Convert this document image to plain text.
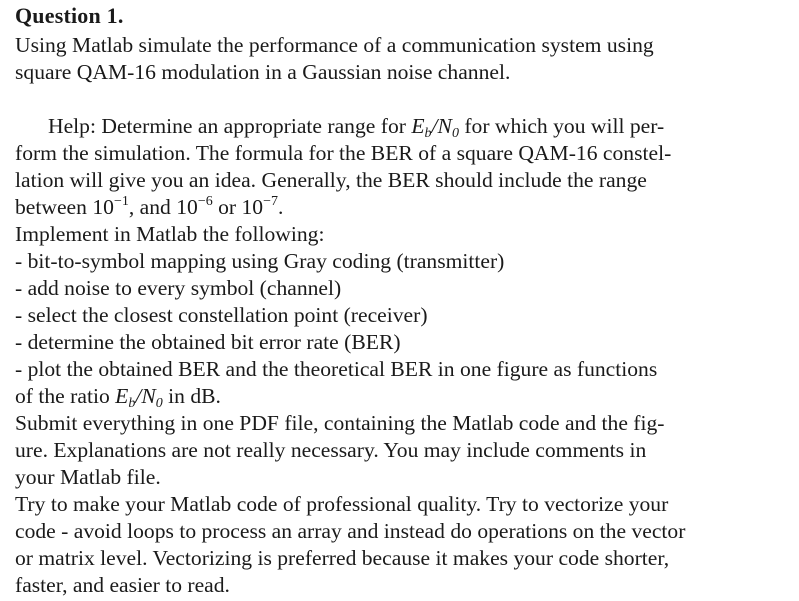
Question 1.
Using Matlab simulate the performance of a communication system using
square QAM-16 modulation in a Gaussian noise channel.
Help: Determine an appropriate range for $E_b/N_0$ for which you will per-
form the simulation. The formula for the BER of a square QAM-16 constel-
lation will give you an idea. Generally, the BER should include the range
between $10^{-1}$, and $10^{-6}$ or $10^{-7}$.
Implement in Matlab the following:
- bit-to-symbol mapping using Gray coding (transmitter)
- add noise to every symbol (channel)
- select the closest constellation point (receiver)
- determine the obtained bit error rate (BER)
- plot the obtained BER and the theoretical BER in one figure as functions
of the ratio $E_b/N_0$ in dB.
Submit everything in one PDF file, containing the Matlab code and the fig-
ure. Explanations are not really necessary. You may include comments in
your Matlab file.
Try to make your Matlab code of professional quality. Try to vectorize your
code - avoid loops to process an array and instead do operations on the vector
or matrix level. Vectorizing is preferred because it makes your code shorter,
faster, and easier to read.
